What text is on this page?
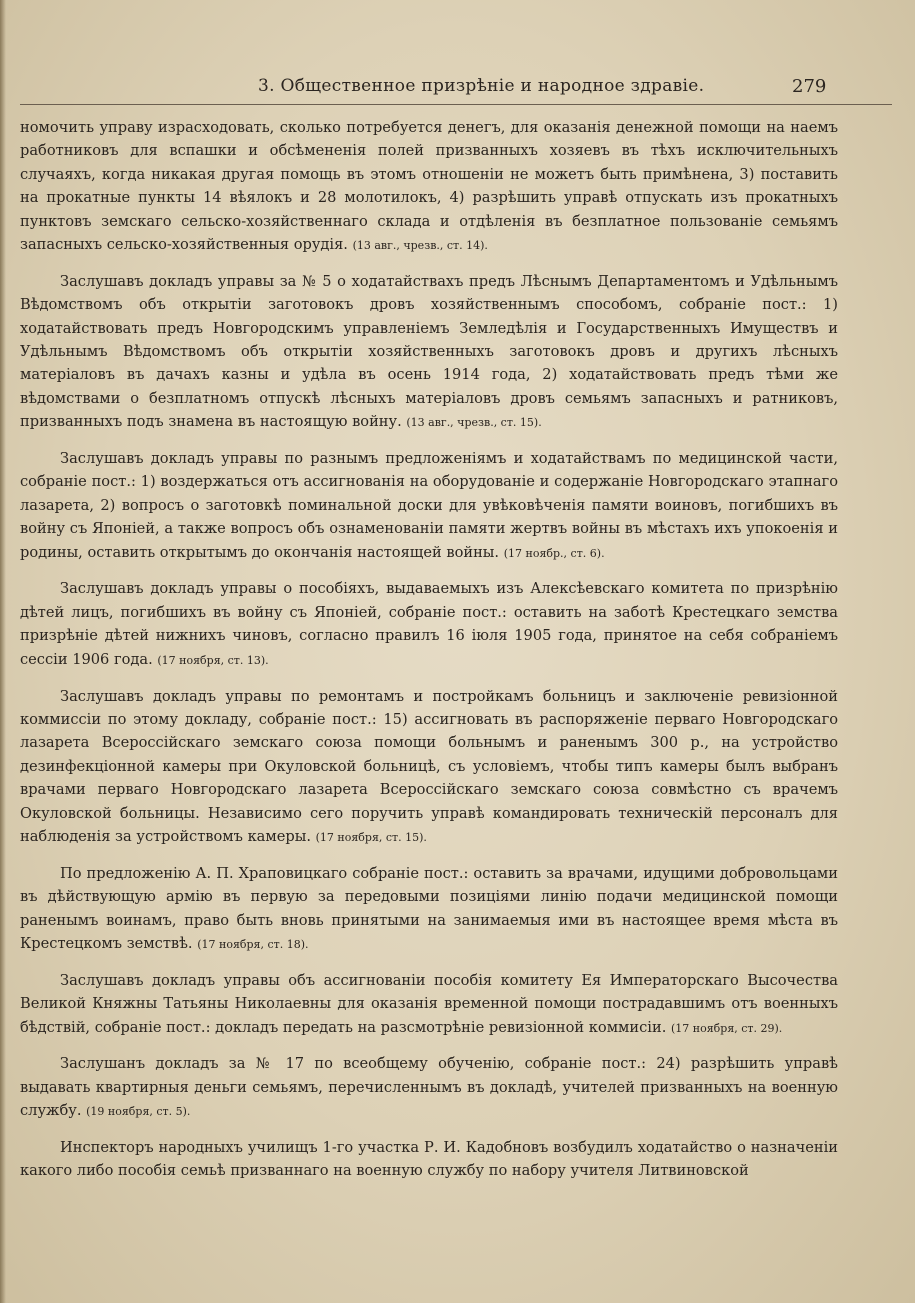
3. Общественное призрѣніе и народное здравіе.	279

номочить управу израсходовать, сколько потребуется денегъ, для оказанія денежной помощи на наемъ работниковъ для вспашки и обсѣмененія полей призванныхъ хозяевъ въ тѣхъ исключительныхъ случаяхъ, когда никакая другая помощь въ этомъ отношеніи не можетъ быть примѣнена, 3) поставить на прокатные пункты 14 вѣялокъ и 28 молотилокъ, 4) разрѣшить управѣ отпускать изъ прокатныхъ пунктовъ земскаго сельско-хозяйственнаго склада и отдѣленія въ безплатное пользованіе семьямъ запасныхъ сельско-хозяйственныя орудія. (13 авг., чрезв., ст. 14).

Заслушавъ докладъ управы за № 5 о ходатайствахъ предъ Лѣснымъ Департаментомъ и Удѣльнымъ Вѣдомствомъ объ открытіи заготовокъ дровъ хозяйственнымъ способомъ, собраніе пост.: 1) ходатайствовать предъ Новгородскимъ управленіемъ Земледѣлія и Государственныхъ Имуществъ и Удѣльнымъ Вѣдомствомъ объ открытіи хозяйственныхъ заготовокъ дровъ и другихъ лѣсныхъ матеріаловъ въ дачахъ казны и удѣла въ осень 1914 года, 2) ходатайствовать предъ тѣми же вѣдомствами о безплатномъ отпускѣ лѣсныхъ матеріаловъ дровъ семьямъ запасныхъ и ратниковъ, призванныхъ подъ знамена въ настоящую войну. (13 авг., чрезв., ст. 15).

Заслушавъ докладъ управы по разнымъ предложеніямъ и ходатайствамъ по медицинской части, собраніе пост.: 1) воздержаться отъ ассигнованія на оборудованіе и содержаніе Новгородскаго этапнаго лазарета, 2) вопросъ о заготовкѣ поминальной доски для увѣковѣченія памяти воиновъ, погибшихъ въ войну съ Японіей, а также вопросъ объ ознаменованіи памяти жертвъ войны въ мѣстахъ ихъ упокоенія и родины, оставить открытымъ до окончанія настоящей войны. (17 ноябр., ст. 6).

Заслушавъ докладъ управы о пособіяхъ, выдаваемыхъ изъ Алексѣевскаго комитета по призрѣнію дѣтей лицъ, погибшихъ въ войну съ Японіей, собраніе пост.: оставить на заботѣ Крестецкаго земства призрѣніе дѣтей нижнихъ чиновъ, согласно правилъ 16 іюля 1905 года, принятое на себя собраніемъ сессіи 1906 года. (17 ноября, ст. 13).

Заслушавъ докладъ управы по ремонтамъ и постройкамъ больницъ и заключеніе ревизіонной коммиссіи по этому докладу, собраніе пост.: 15) ассигновать въ распоряженіе перваго Новгородскаго лазарета Всероссійскаго земскаго союза помощи больнымъ и раненымъ 300 р., на устройство дезинфекціонной камеры при Окуловской больницѣ, съ условіемъ, чтобы типъ камеры былъ выбранъ врачами перваго Новгородскаго лазарета Всероссійскаго земскаго союза совмѣстно съ врачемъ Окуловской больницы. Независимо сего поручить управѣ командировать техническій персоналъ для наблюденія за устройствомъ камеры. (17 ноября, ст. 15).

По предложенію А. П. Храповицкаго собраніе пост.: оставить за врачами, идущими добровольцами въ дѣйствующую армію въ первую за передовыми позиціями линію подачи медицинской помощи раненымъ воинамъ, право быть вновь принятыми на занимаемыя ими въ настоящее время мѣста въ Крестецкомъ земствѣ. (17 ноября, ст. 18).

Заслушавъ докладъ управы объ ассигнованіи пособія комитету Ея Императорскаго Высочества Великой Княжны Татьяны Николаевны для оказанія временной помощи пострадавшимъ отъ военныхъ бѣдствій, собраніе пост.: докладъ передать на разсмотрѣніе ревизіонной коммисіи. (17 ноября, ст. 29).

Заслушанъ докладъ за № 17 по всеобщему обученію, собраніе пост.: 24) разрѣшить управѣ выдавать квартирныя деньги семьямъ, перечисленнымъ въ докладѣ, учителей призванныхъ на военную службу. (19 ноября, ст. 5).

Инспекторъ народныхъ училищъ 1-го участка Р. И. Кадобновъ возбудилъ ходатайство о назначеніи какого либо пособія семьѣ призваннаго на военную службу по набору учителя Литвиновской
